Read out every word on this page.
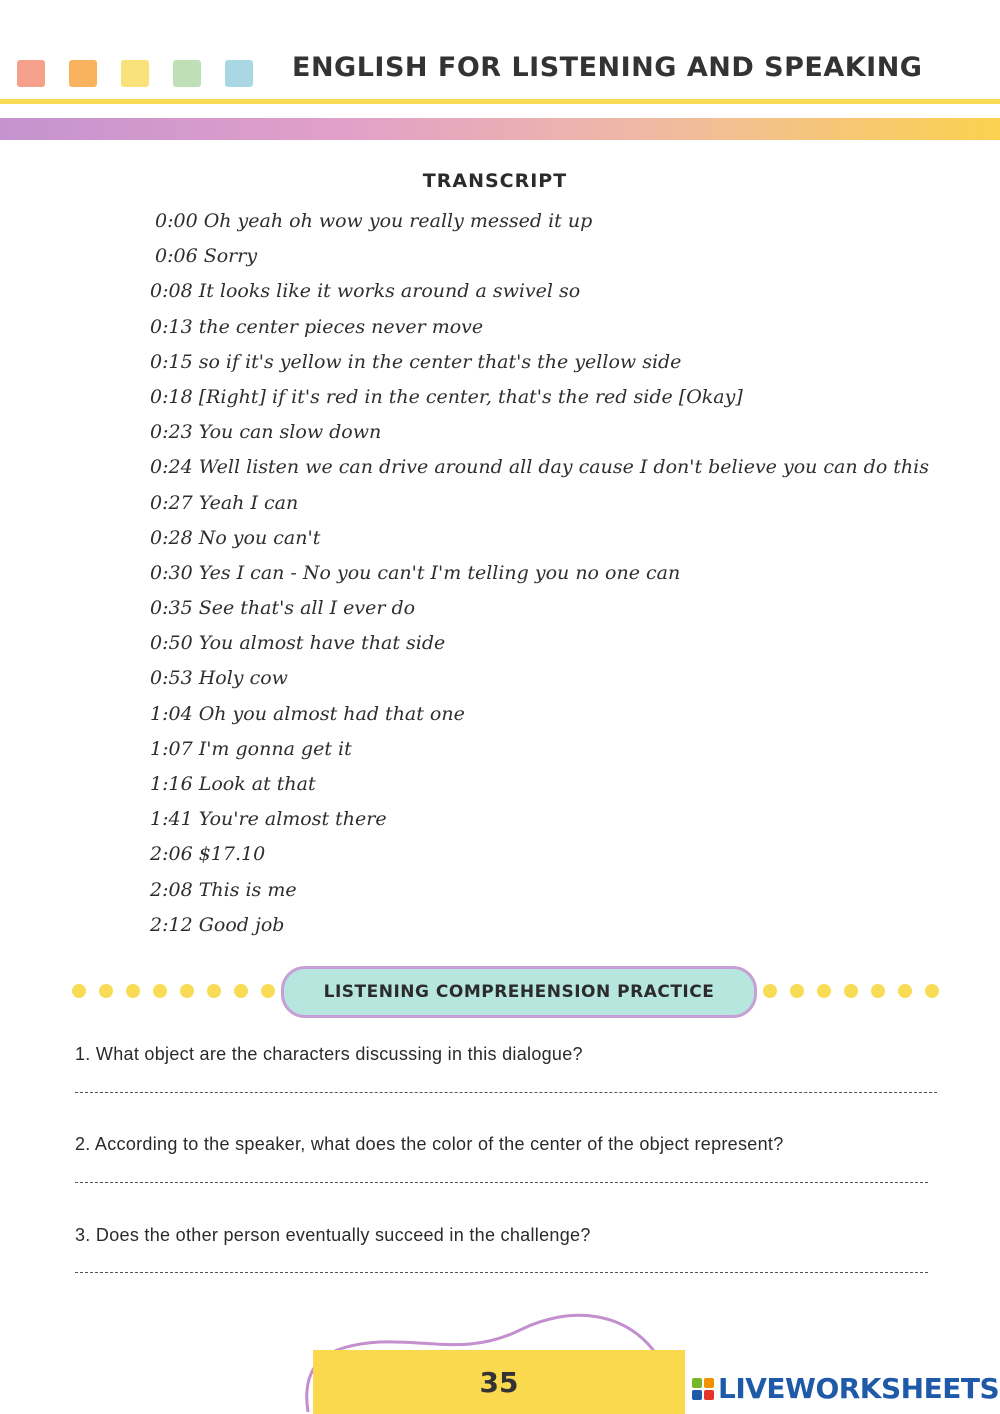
ENGLISH FOR LISTENING AND SPEAKING
TRANSCRIPT
0:00 Oh yeah oh wow you really messed it up
0:06 Sorry
0:08 It looks like it works around a swivel so
0:13 the center pieces never move
0:15 so if it's yellow in the center that's the yellow side
0:18 [Right] if it's red in the center, that's the red side [Okay]
0:23 You can slow down
0:24 Well listen we can drive around all day cause I don't believe you can do this
0:27 Yeah I can
0:28 No you can't
0:30 Yes I can - No you can't I'm telling you no one can
0:35 See that's all I ever do
0:50 You almost have that side
0:53 Holy cow
1:04 Oh you almost had that one
1:07 I'm gonna get it
1:16 Look at that
1:41 You're almost there
2:06 $17.10
2:08 This is me
2:12 Good job
LISTENING COMPREHENSION PRACTICE
1. What object are the characters discussing in this dialogue?
2. According to the speaker, what does the color of the center of the object represent?
3. Does the other person eventually succeed in the challenge?
35	LIVEWORKSHEETS
